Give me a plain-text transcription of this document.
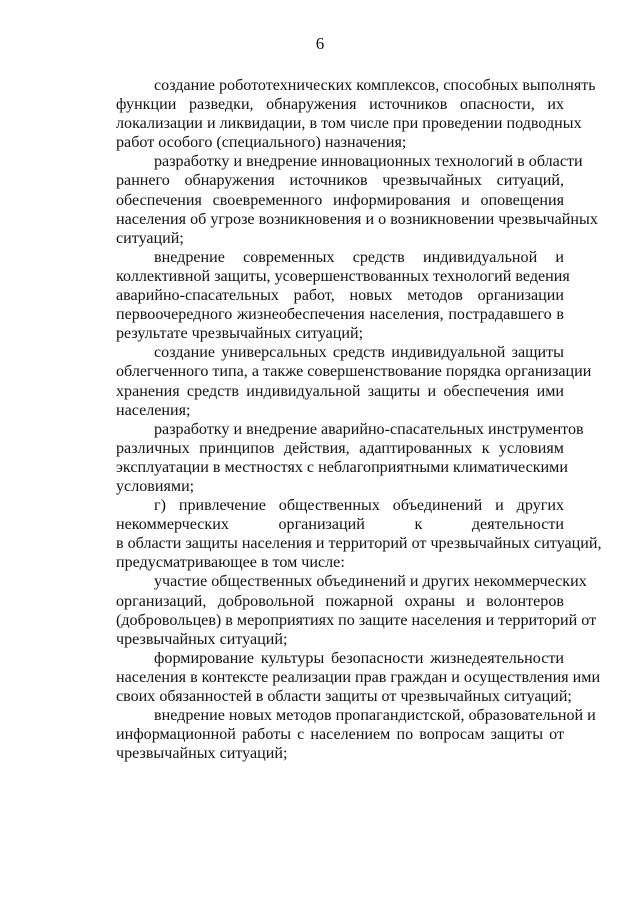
6

создание робототехнических комплексов, способных выполнять
функции разведки, обнаружения источников опасности, их
локализации и ликвидации, в том числе при проведении подводных
работ особого (специального) назначения;

разработку и внедрение инновационных технологий в области
раннего обнаружения источников чрезвычайных ситуаций,
обеспечения своевременного информирования и оповещения
населения об угрозе возникновения и о возникновении чрезвычайных
ситуаций;

внедрение современных средств индивидуальной и
коллективной защиты, усовершенствованных технологий ведения
аварийно-спасательных работ, новых методов организации
первоочередного жизнеобеспечения населения, пострадавшего в
результате чрезвычайных ситуаций;

создание универсальных средств индивидуальной защиты
облегченного типа, а также совершенствование порядка организации
хранения средств индивидуальной защиты и обеспечения ими
населения;

разработку и внедрение аварийно-спасательных инструментов
различных принципов действия, адаптированных к условиям
эксплуатации в местностях с неблагоприятными климатическими
условиями;

г) привлечение общественных объединений и других
некоммерческих организаций к деятельности
в области защиты населения и территорий от чрезвычайных ситуаций,
предусматривающее в том числе:

участие общественных объединений и других некоммерческих
организаций, добровольной пожарной охраны и волонтеров
(добровольцев) в мероприятиях по защите населения и территорий от
чрезвычайных ситуаций;

формирование культуры безопасности жизнедеятельности
населения в контексте реализации прав граждан и осуществления ими
своих обязанностей в области защиты от чрезвычайных ситуаций;

внедрение новых методов пропагандистской, образовательной и
информационной работы с населением по вопросам защиты от
чрезвычайных ситуаций;
